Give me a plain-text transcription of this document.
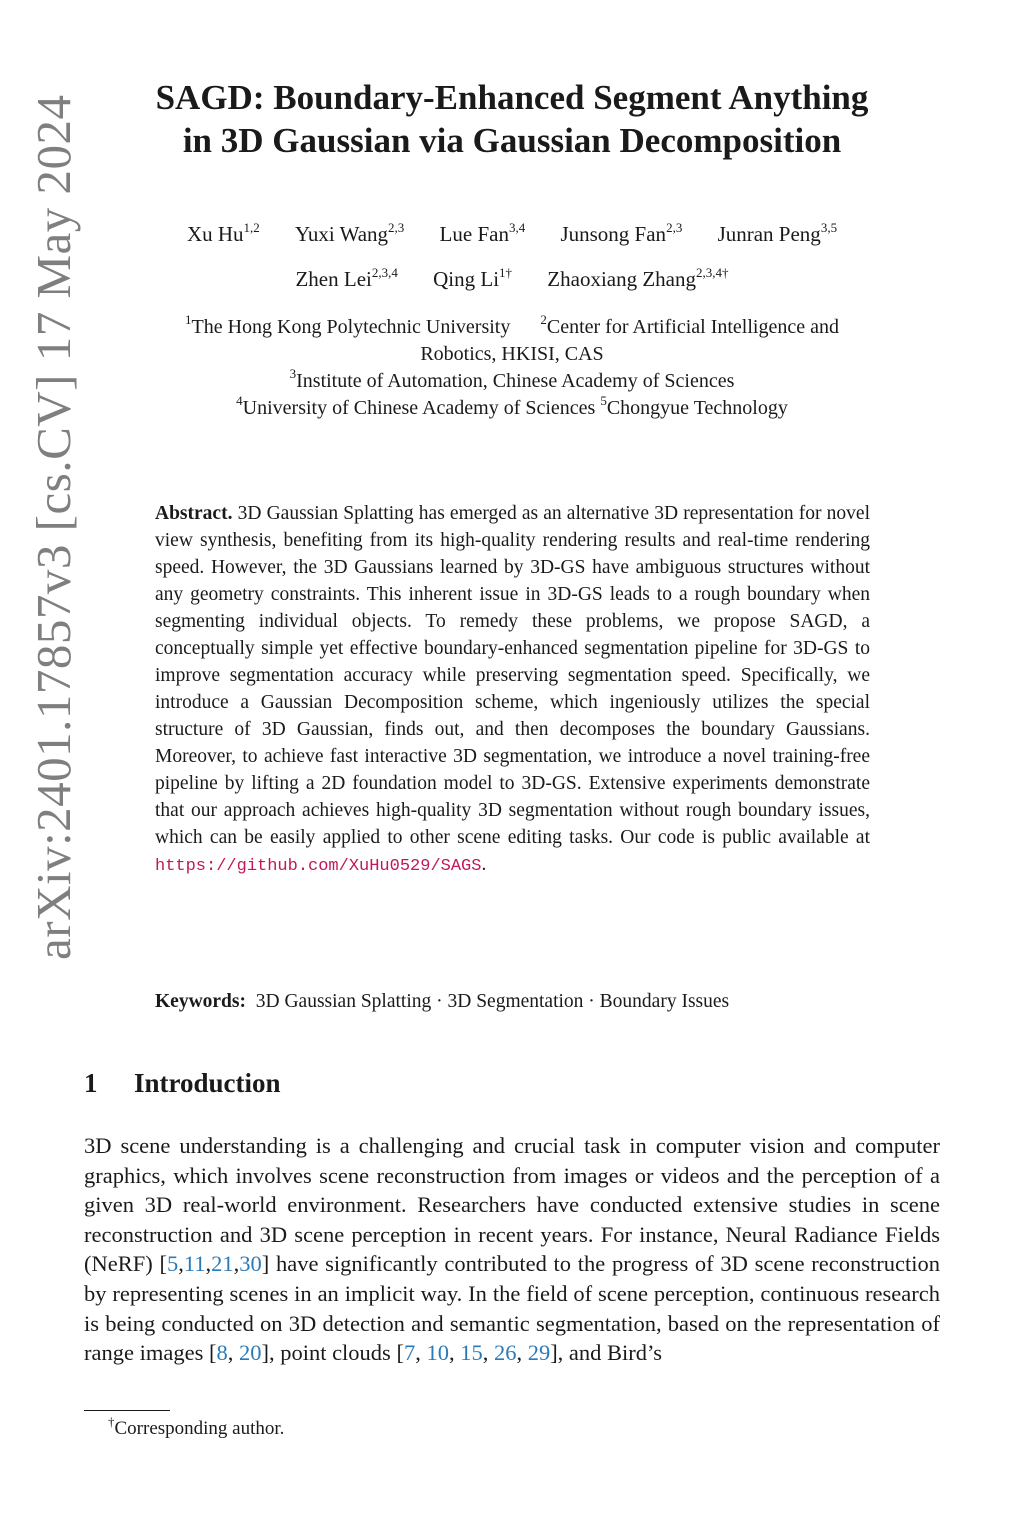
arXiv:2401.17857v3 [cs.CV] 17 May 2024	SAGD: Boundary-Enhanced Segment Anything
in 3D Gaussian via Gaussian Decomposition
Xu Hu$^{1,2}$ Yuxi Wang$^{2,3}$ Lue Fan$^{3,4}$ Junsong Fan$^{2,3}$ Junran Peng$^{3,5}$
Zhen Lei$^{2,3,4}$ Qing $Li^{1\dagger}$ Zhaoxiang Zhang$^{2,3,4\dagger}$
$^1$The Hong Kong Polytechnic University $^2$Center for Artificial Intelligence and
Robotics, HKISI, CAS
$^3$Institute of Automation, Chinese Academy of Sciences
$^4$University of Chinese Academy of Sciences $^5$Chongyue Technology
Abstract. 3D Gaussian Splatting has emerged as an alternative 3D representation for novel view synthesis, benefiting from its high-quality rendering results and real-time rendering speed. However, the 3D Gaussians learned by 3D-GS have ambiguous structures without any geometry constraints. This inherent issue in 3D-GS leads to a rough boundary when segmenting individual objects. To remedy these problems, we propose SAGD, a conceptually simple yet effective boundary-enhanced segmentation pipeline for 3D-GS to improve segmentation accuracy while preserving segmentation speed. Specifically, we introduce a Gaussian Decomposition scheme, which ingeniously utilizes the special structure of 3D Gaussian, finds out, and then decomposes the boundary Gaussians. Moreover, to achieve fast interactive 3D segmentation, we introduce a novel training-free pipeline by lifting a 2D foundation model to 3D-GS. Extensive experiments demonstrate that our approach achieves high-quality 3D segmentation without rough boundary issues, which can be easily applied to other scene editing tasks. Our code is public available at https://github.com/XuHu0529/SAGS.
Keywords: 3D Gaussian Splatting · 3D Segmentation · Boundary Issues
1 Introduction
3D scene understanding is a challenging and crucial task in computer vision and computer graphics, which involves scene reconstruction from images or videos and the perception of a given 3D real-world environment. Researchers have conducted extensive studies in scene reconstruction and 3D scene perception in recent years. For instance, Neural Radiance Fields (NeRF) [5,11,21,30] have significantly contributed to the progress of 3D scene reconstruction by representing scenes in an implicit way. In the field of scene perception, continuous research is being conducted on 3D detection and semantic segmentation, based on the representation of range images [8, 20], point clouds [7, 10, 15, 26, 29], and Bird’s
†Corresponding author.
